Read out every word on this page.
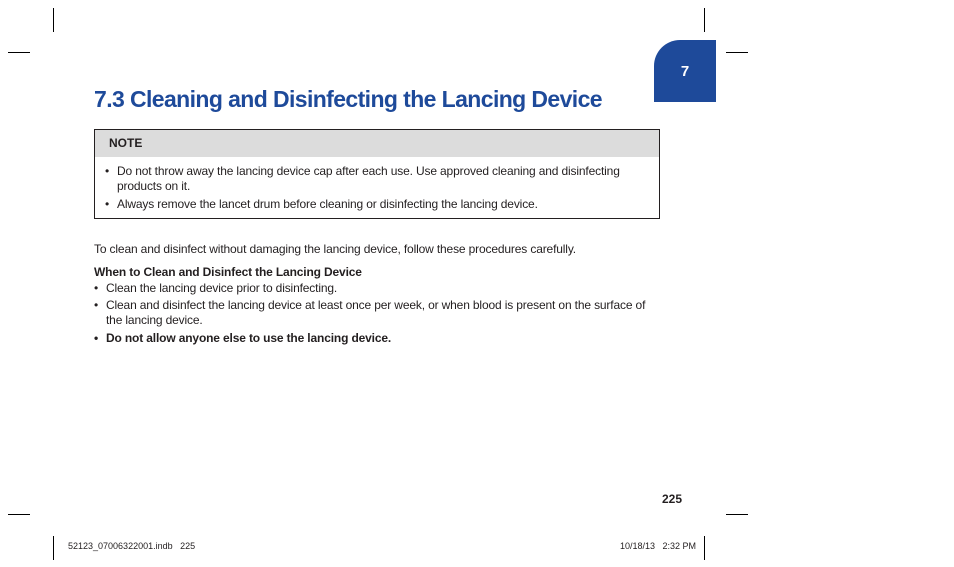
7
7.3 Cleaning and Disinfecting the Lancing Device
NOTE
• Do not throw away the lancing device cap after each use. Use approved cleaning and disinfecting products on it.
• Always remove the lancet drum before cleaning or disinfecting the lancing device.

To clean and disinfect without damaging the lancing device, follow these procedures carefully.

When to Clean and Disinfect the Lancing Device

• Clean the lancing device prior to disinfecting.
• Clean and disinfect the lancing device at least once per week, or when blood is present on the surface of the lancing device.
• Do not allow anyone else to use the lancing device.
225
52123_07006322001.indb   225	10/18/13   2:32 PM
